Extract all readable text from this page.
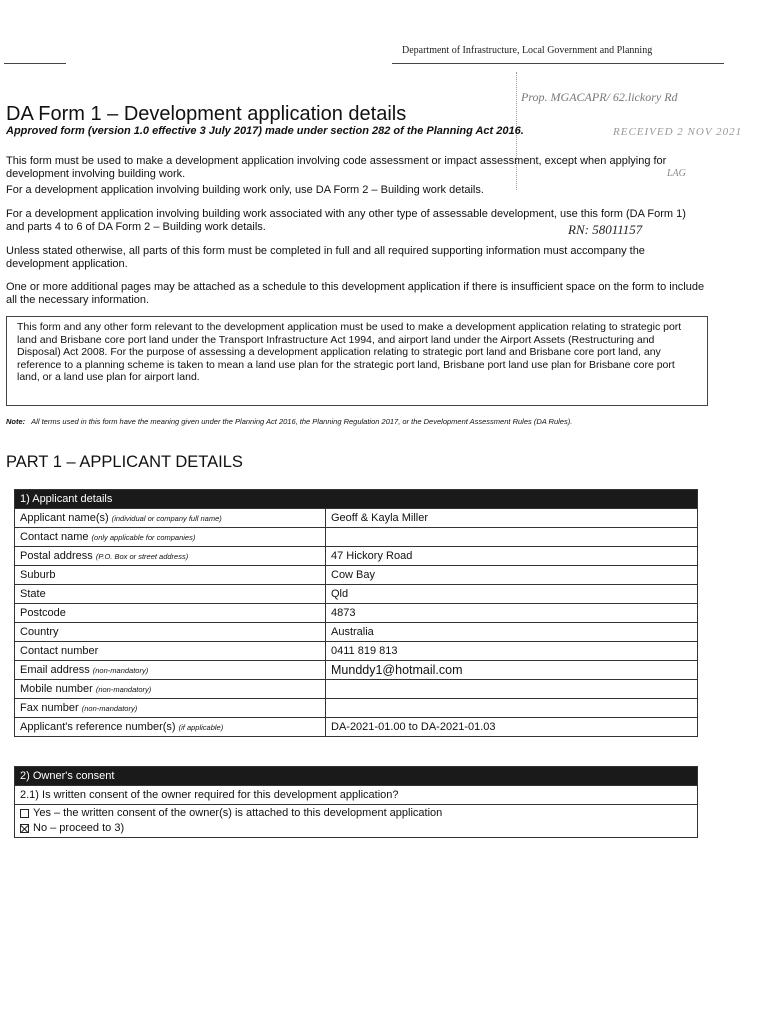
Department of Infrastructure, Local Government and Planning
Prop. MGACAPR/ 62.lickory Rd
RECEIVED 2 NOV 2021
LAG
DA Form 1 – Development application details
Approved form (version 1.0 effective 3 July 2017) made under section 282 of the Planning Act 2016.
This form must be used to make a development application involving code assessment or impact assessment, except when applying for development involving building work.
For a development application involving building work only, use DA Form 2 – Building work details.
For a development application involving building work associated with any other type of assessable development, use this form (DA Form 1) and parts 4 to 6 of DA Form 2 – Building work details.	RN: 58011157
Unless stated otherwise, all parts of this form must be completed in full and all required supporting information must accompany the development application.
One or more additional pages may be attached as a schedule to this development application if there is insufficient space on the form to include all the necessary information.
This form and any other form relevant to the development application must be used to make a development application relating to strategic port land and Brisbane core port land under the Transport Infrastructure Act 1994, and airport land under the Airport Assets (Restructuring and Disposal) Act 2008. For the purpose of assessing a development application relating to strategic port land and Brisbane core port land, any reference to a planning scheme is taken to mean a land use plan for the strategic port land, Brisbane port land use plan for Brisbane core port land, or a land use plan for airport land.
Note: All terms used in this form have the meaning given under the Planning Act 2016, the Planning Regulation 2017, or the Development Assessment Rules (DA Rules).
PART 1 – APPLICANT DETAILS
1) Applicant details	
Applicant name(s) (individual or company full name)	Geoff & Kayla Miller
Contact name (only applicable for companies)	
Postal address (P.O. Box or street address)	47 Hickory Road
Suburb	Cow Bay
State	Qld
Postcode	4873
Country	Australia
Contact number	0411 819 813
Email address (non-mandatory)	Munddy1@hotmail.com
Mobile number (non-mandatory)	
Fax number (non-mandatory)	
Applicant's reference number(s) (if applicable)	DA-2021-01.00 to DA-2021-01.03
2) Owner's consent
2.1) Is written consent of the owner required for this development application?

Yes – the written consent of the owner(s) is attached to this development application
No – proceed to 3)
